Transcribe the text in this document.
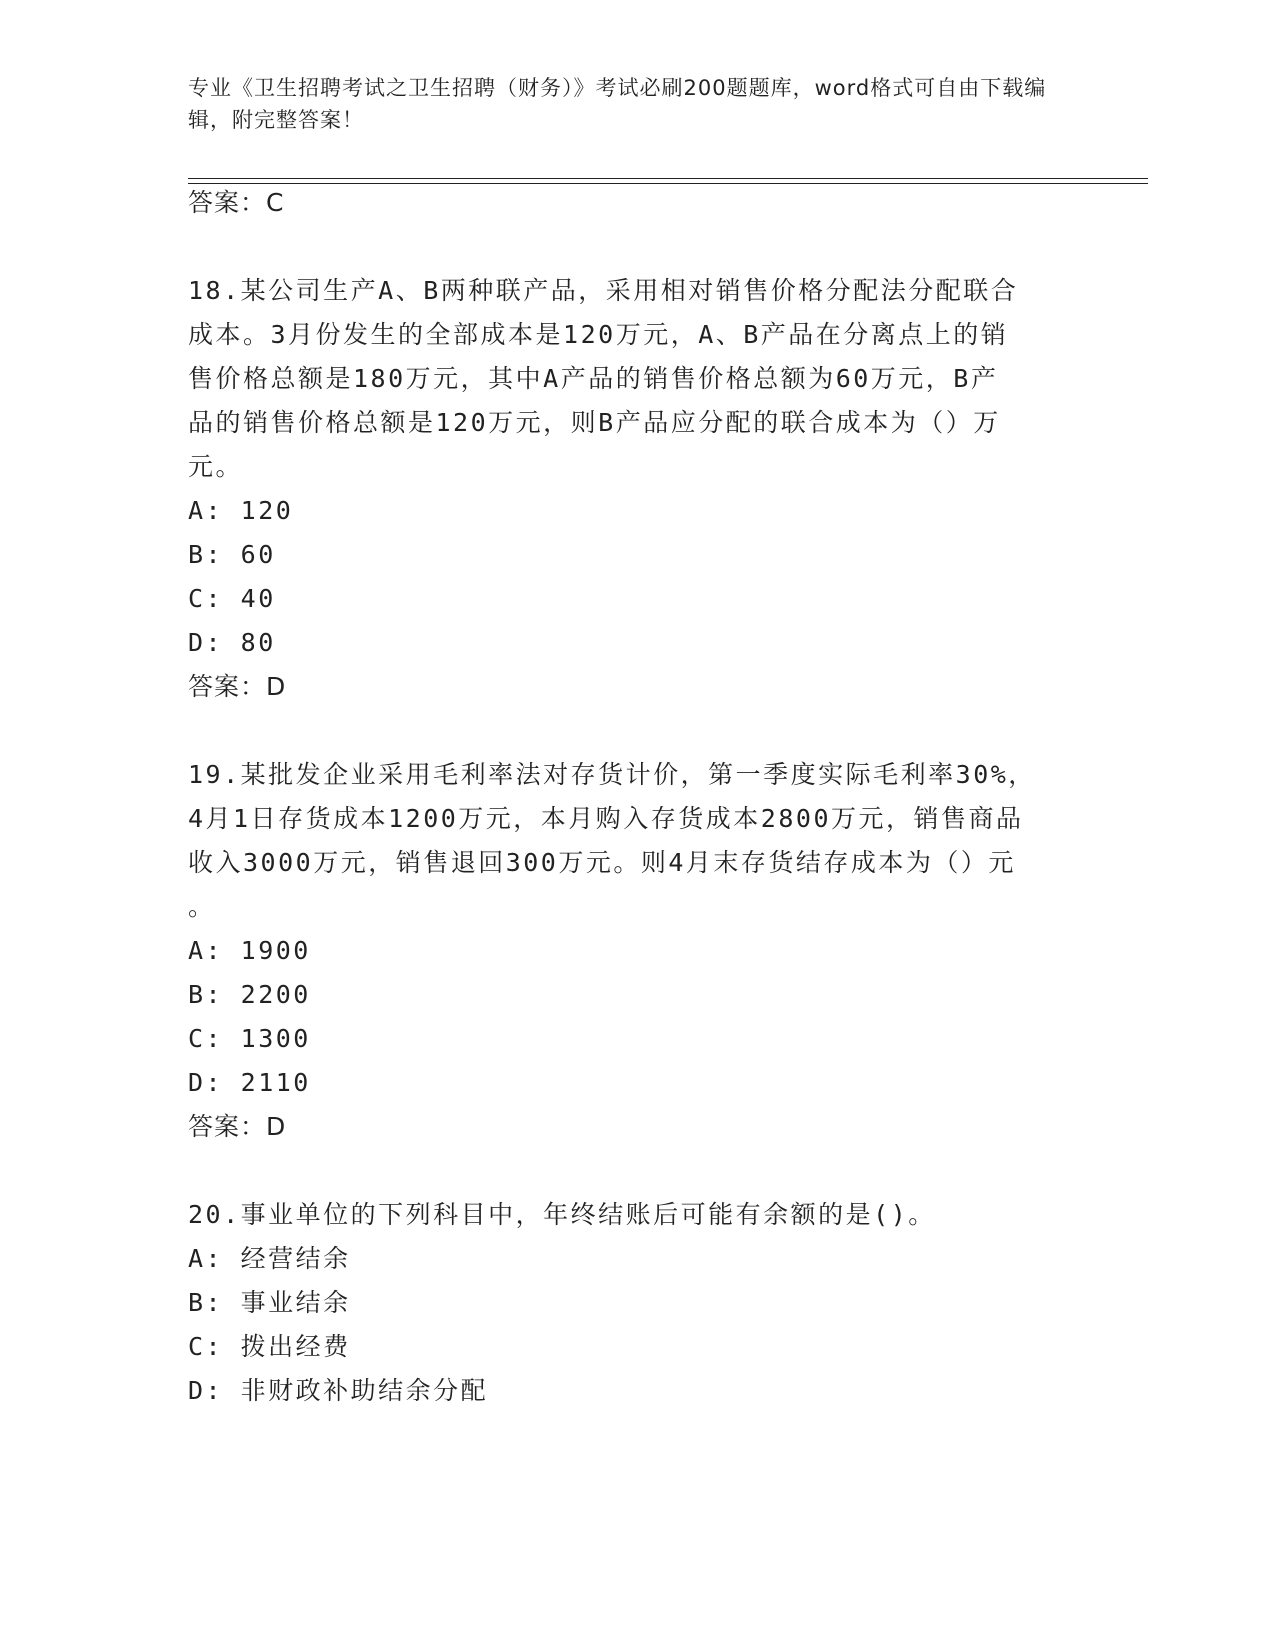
专业《卫生招聘考试之卫生招聘（财务）》考试必刷200题题库，word格式可自由下载编辑，附完整答案！
答案：C
18.某公司生产A、B两种联产品，采用相对销售价格分配法分配联合
成本。3月份发生的全部成本是120万元，A、B产品在分离点上的销
售价格总额是180万元，其中A产品的销售价格总额为60万元，B产
品的销售价格总额是120万元，则B产品应分配的联合成本为（）万
元。
A: 120
B: 60
C: 40
D: 80
答案：D
19.某批发企业采用毛利率法对存货计价，第一季度实际毛利率30%，
4月1日存货成本1200万元，本月购入存货成本2800万元，销售商品
收入3000万元，销售退回300万元。则4月末存货结存成本为（）元
。
A: 1900
B: 2200
C: 1300
D: 2110
答案：D
20.事业单位的下列科目中，年终结账后可能有余额的是()。
A: 经营结余
B: 事业结余
C: 拨出经费
D: 非财政补助结余分配
